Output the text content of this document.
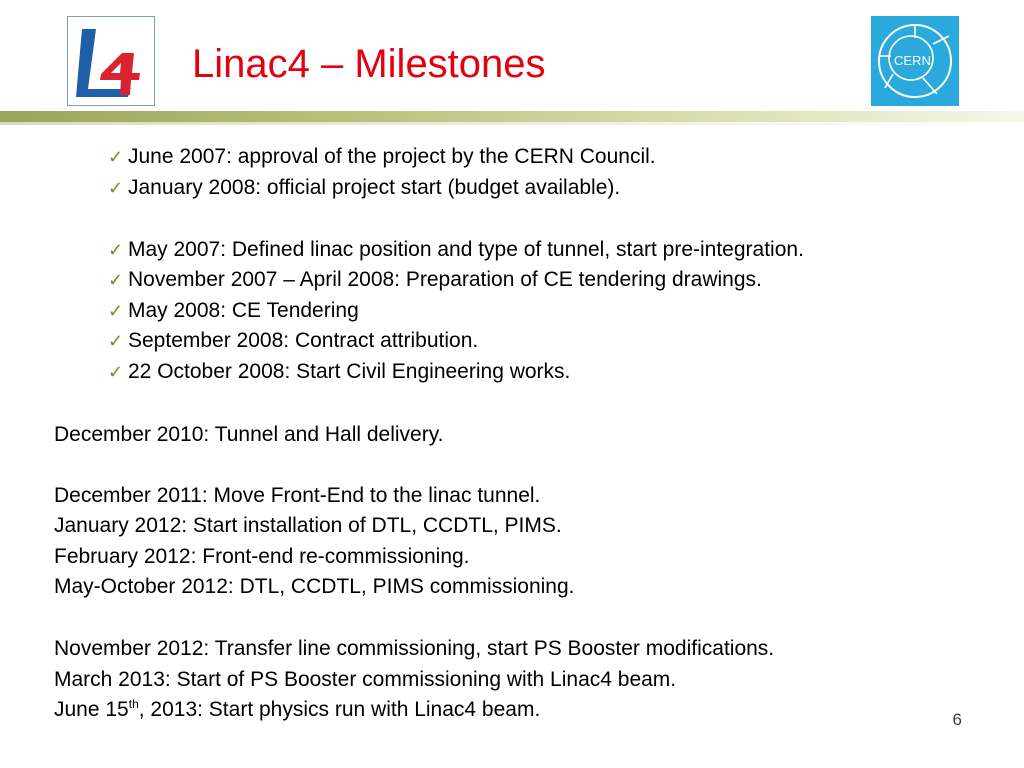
Linac4 – Milestones	CERN
✓ June 2007: approval of the project by the CERN Council.
✓ January 2008: official project start (budget available).
✓ May 2007: Defined linac position and type of tunnel, start pre-integration.
✓ November 2007 – April 2008: Preparation of CE tendering drawings.
✓ May 2008: CE Tendering
✓ September 2008: Contract attribution.
✓ 22 October 2008: Start Civil Engineering works.
December 2010: Tunnel and Hall delivery.
December 2011: Move Front-End to the linac tunnel.
January 2012: Start installation of DTL, CCDTL, PIMS.
February 2012: Front-end re-commissioning.
May-October 2012: DTL, CCDTL, PIMS commissioning.
November 2012: Transfer line commissioning, start PS Booster modifications.
March 2013: Start of PS Booster commissioning with Linac4 beam.
June 15th, 2013: Start physics run with Linac4 beam.	6
